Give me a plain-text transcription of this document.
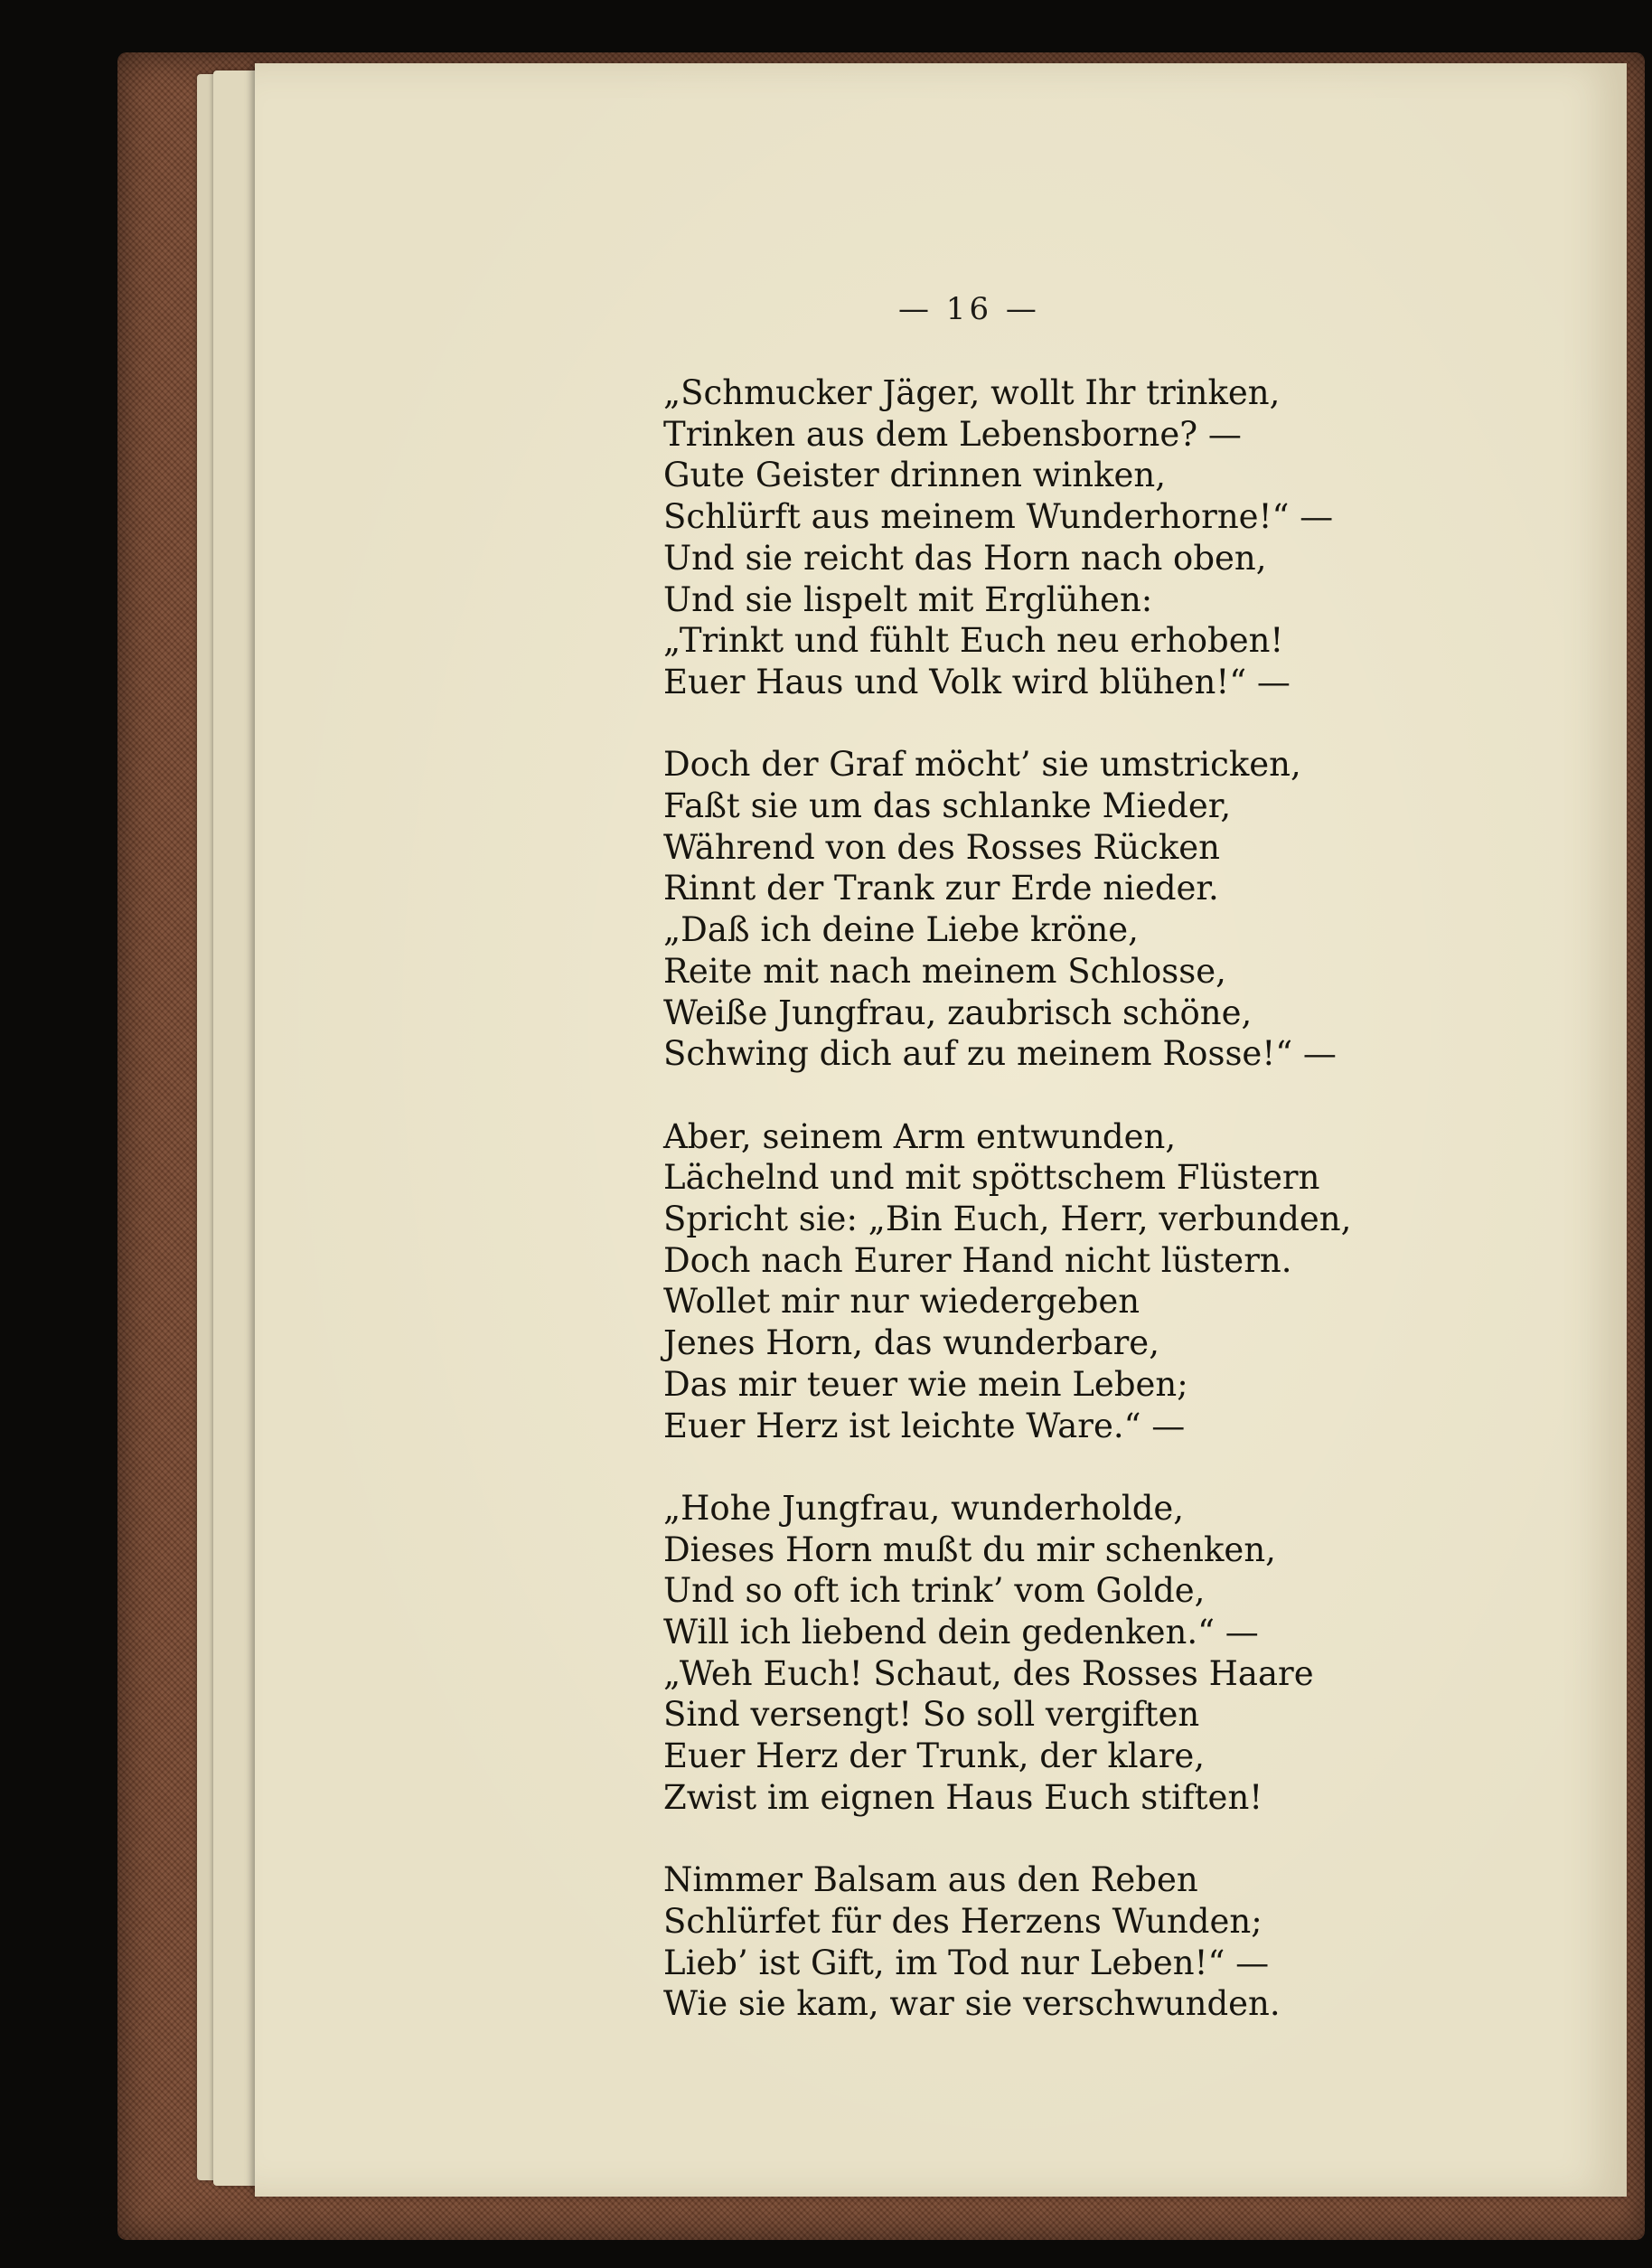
— 16 —
„Schmucker Jäger, wollt Ihr trinken,
Trinken aus dem Lebensborne? —
Gute Geister drinnen winken,
Schlürft aus meinem Wunderhorne!“ —
Und sie reicht das Horn nach oben,
Und sie lispelt mit Erglühen:
„Trinkt und fühlt Euch neu erhoben!
Euer Haus und Volk wird blühen!“ —
Doch der Graf möcht’ sie umstricken,
Faßt sie um das schlanke Mieder,
Während von des Rosses Rücken
Rinnt der Trank zur Erde nieder.
„Daß ich deine Liebe kröne,
Reite mit nach meinem Schlosse,
Weiße Jungfrau, zaubrisch schöne,
Schwing dich auf zu meinem Rosse!“ —
Aber, seinem Arm entwunden,
Lächelnd und mit spöttschem Flüstern
Spricht sie: „Bin Euch, Herr, verbunden,
Doch nach Eurer Hand nicht lüstern.
Wollet mir nur wiedergeben
Jenes Horn, das wunderbare,
Das mir teuer wie mein Leben;
Euer Herz ist leichte Ware.“ —
„Hohe Jungfrau, wunderholde,
Dieses Horn mußt du mir schenken,
Und so oft ich trink’ vom Golde,
Will ich liebend dein gedenken.“ —
„Weh Euch! Schaut, des Rosses Haare
Sind versengt! So soll vergiften
Euer Herz der Trunk, der klare,
Zwist im eignen Haus Euch stiften!
Nimmer Balsam aus den Reben
Schlürfet für des Herzens Wunden;
Lieb’ ist Gift, im Tod nur Leben!“ —
Wie sie kam, war sie verschwunden.
